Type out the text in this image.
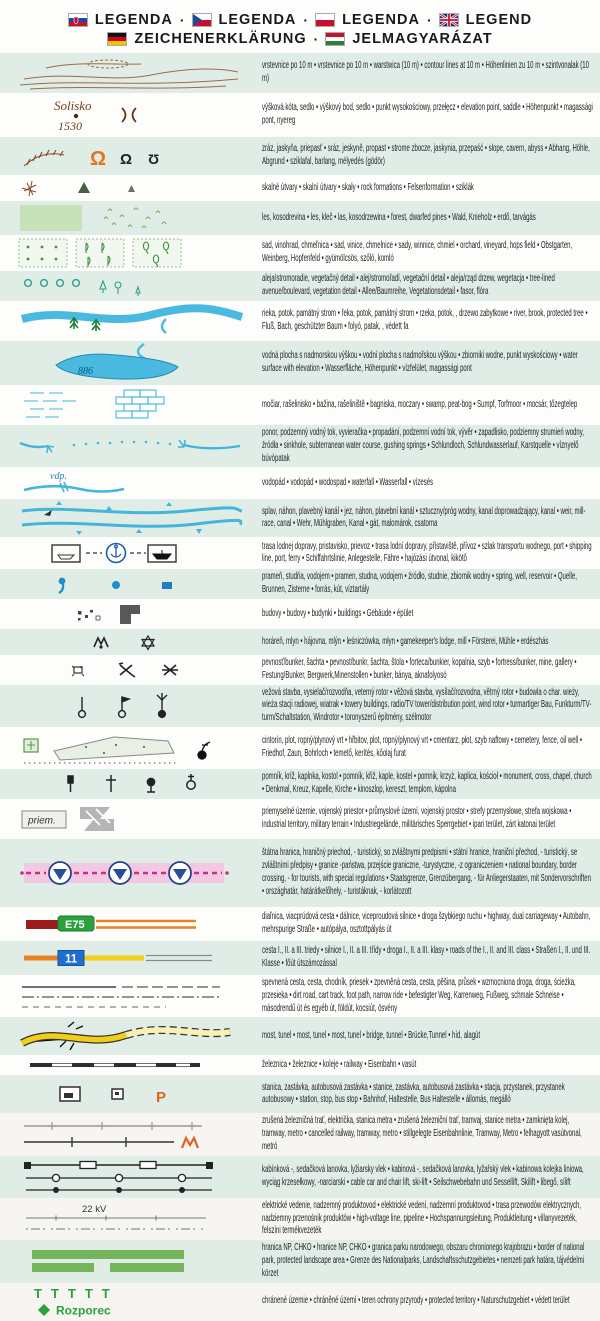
LEGENDA · LEGENDA · LEGENDA · LEGEND
ZEICHENERKLÄRUNG · JELMAGYARÁZAT
vrstevnice po 10 m • vrstevnice po 10 m • warstwica (10 m) • contour lines at 10 m • Höhenlinien zu 10 m • szintvonalak (10 m)
Solisko
1530
výšková kóta, sedlo • výškový bod, sedlo • punkt wysokościowy, przełęcz • elevation point, saddle • Höhenpunkt • magassági pont, nyereg
Ω Ω Ʊ
zráz, jaskyňa, priepasť • sráz, jeskyně, propast • strome zbocze, jaskynia, przepaść • slope, cavern, abyss • Abhang, Höhle, Abgrund • sziklafal, barlang, mélyedés (gödör)
skalné útvary • skalní útvary • skały • rock formations • Felsenformation • sziklák
les, kosodrevina • les, kleč • las, kosodrzewina • forest, dwarfed pines • Wald, Knieholz • erdő, tarvágás
sad, vinohrad, chmeľnica • sad, vinice, chmelnice • sady, winnice, chmiel • orchard, vineyard, hops field • Obstgarten, Weinberg, Hopfenfeld • gyümölcsös, szőló, komló
aleja/stromoradie, vegetačný detail • alej/stromořadí, vegetační detail • aleja/rząd drzew, wegetacja • tree-lined avenue/boulevard, vegetation detail • Allee/Baumreihe, Vegetationsdetail • fasor, flóra
rieka, potok, pamätný strom • řeka, potok, památný strom • rzeka, potok, , drzewo zabytkowe • river, brook, protected tree • Fluß, Bach, geschützter Baum • folyó, patak, , védett fa
886
vodná plocha s nadmorskou výškou • vodní plocha s nadmořskou výškou • zbiorniki wodne, punkt wyskościowy • water surface with elevation • Wasserfläche, Höhenpunkt • vízfelület, magassági pont
močiar, rašelinisko • bažina, rašeliniště • bagniska, moczary • swamp, peat-bog • Sumpf, Torfmoor • mocsár, tőzegtelep
ponor, podzemný vodný tok, vyvieračka • propadání, podzemní vodní tok, vývěr • zapadlisko, podziemny strumień wodny, źródła • sinkhole, subterranean water course, gushing springs • Schlundloch, Schlundwasserlauf, Karstquelle • víznyelő búvópatak
vdp.
vodopád • vodopád • wodospad • waterfall • Wasserfall • vízesés
splav, náhon, plavebný kanál • jez, náhon, plavební kanál • sztuczny/próg wodny, kanal doprowadzający, kanal • weir, mill-race, canal • Wehr, Mühlgraben, Kanal • gát, malomárok, csatorna
trasa lodnej dopravy, pristavisko, prievoz • trasa lodní dopravy, přístaviště, přívoz • szlak transportu wodnego, port • shipping line, port, ferry • Schiffahrtslinie, Anlegestelle, Fähre • hajózási útvonal, kikötő
prameň, studňa, vodojem • pramen, studna, vodojem • źródło, studnie, zbiornik wodny • spring, well, reservoir • Quelle, Brunnen, Zisterne • forrás, kút, víztartály
budovy • budovy • budynki • buildings • Gebäude • épület
horáreň, mlyn • hájovna, mlýn • leśniczówka, młyn • gamekeeper's lodge, mill • Försterei, Mühle • erdészhás
pevnosť/bunker, šachta • pevnost/bunkr, šachta, štola • forteca/bunkier, kopalnia, szyb • fortress/bunker, mine, gallery • Festung/Bunker, Bergwerk,Minenstollen • bunker, bánya, aknafolyosó
vežová stavba, vysielač/rozvodňa, veterný rotor • věžová stavba, vysílač/rozvodna, větrný rotor • budowla o char. wieży, wieża stacji radiowej, wiatrak • towery buildings, radio/TV tower/distribution point, wind rotor • turmartiger Bau, Funkturm/TV-turm/Schaltstation, Windrotor • toronyszerű építmény, szélmotor
cintorín, plot, ropný/plynový vrt • hřbitov, plot, ropný/plynový vrt • cmentarz, płot, szyb naftowy • cemetery, fence, oil well • Friedhof, Zaun, Bohrloch • temető, kerítés, kőolaj furat
pomník, kríž, kaplnka, kostol • pomník, křiž, kaple, kostel • pomnik, krzyż, kaplica, kościoł • monument, cross, chapel, church • Denkmal, Kreuz, Kapelle, Kirche • kinoszlop, kereszt, templom, kápolna
priem.
priemyselné územie, vojenský priestor • průmyslové území, vojenský prostor • strefy przemysłowe, strefa wojskowa • industrial territory, military terrain • Industriegelände, militärisches Sperrgebiet • ipari terület, zárt katonai terület
štátna hranica, hraničný priechod, - turistický, so zvláštnymi predpismi • státní hranice, hraniční přechod, - turistický, se zvláštními předpisy • granice -państwa, przejście graniczne, -turystyczne, -z ograniczeniem • national boundary, border crossing, - for tourists, with special regulations • Staatsgrenze, Grenzübergang, - für Anliegerstaaten, mit Sondervorschriften • országhatár, határátkelőhely, - turistáknak, - korlátozott
E75
diaľnica, viacprúdová cesta • dálnice, viceproudová silnice • droga šzybkiego ruchu • highway, dual carriageway • Autobahn, mehrspurige Straße • autópálya, osztottpályás út
11
cesta I., II. a III. triedy • silnice I., II. a III. třídy • droga I., II. a III. klasy • roads of the I., II. and III. class • Straßen I., II. und III. Klasse • főút útszámozással
spevnená cesta, cesta, chodník, priesek • zpevněná cesta, cesta, pěšina, průsek • wzmocniona droga, droga, ścieżka, przesieka • dirt road, cart track, foot path, narrow ride • befestigter Weg, Karrenweg, Fußweg, schmale Schneise • másodrendű út és egyéb út, földút, kocsiút, ösvény
most, tunel • most, tunel • most, tunel • bridge, tunnel • Brücke,Tunnel • híd, alagút
železnica • železnice • koleje • railway • Eisenbahn • vasút
P
stanica, zastávka, autobusová zastávka • stanice, zastávka, autobusová zastávka • stacja, przystanek, przystanek autobusowy • station, stop, bus stop • Bahnhof, Haltestelle, Bus Haltestelle • állomás, megálló
zrušená železničná trať, električka, stanica metra • zrušená železniční trať, tramvaj, stanice metra • zamknięta kolej, tramway, metro • cancelled railway, tramway, metro • stillgelegte Eisenbahnlinie, Tramway, Metro • felhagyott vasútvonal, metró
kabínková -, sedačková lanovka, lyžiarsky vlek • kabinová -, sedačková lanovka, lyžařský vlek • kabinowa kolejka liniowa, wyciąg krzesełkowy, -narciarski • cable car and chair lift, ski-lift • Seilschwebebahn und Sessellift, Skilift • libegő, sílift
22 kV	elektrické vedenie, nadzemný produktovod • elektrické vedení, nadzemní produktovod • trasa przewodów elektrycznych, nadziemny przenośnik produktów • high-voltage line, pipeline • Hochspannungsleitung, Produktleitung • villanyvezeték, felszíni termékvezeték
hranica NP, CHKO • hranice NP, CHKO • granica parku narodowego, obszaru chronionego krajobrazu • border of national park, protected landscape area • Grenze des Nationalparks, Landschaftsschutzgebietes • nemzeti park határa, tájvédelmi körzet
TTTTT
Rozporec
chránené územie • chráněné území • teren ochrony przyrody • protected territory • Naturschutzgebiet • védett terület
